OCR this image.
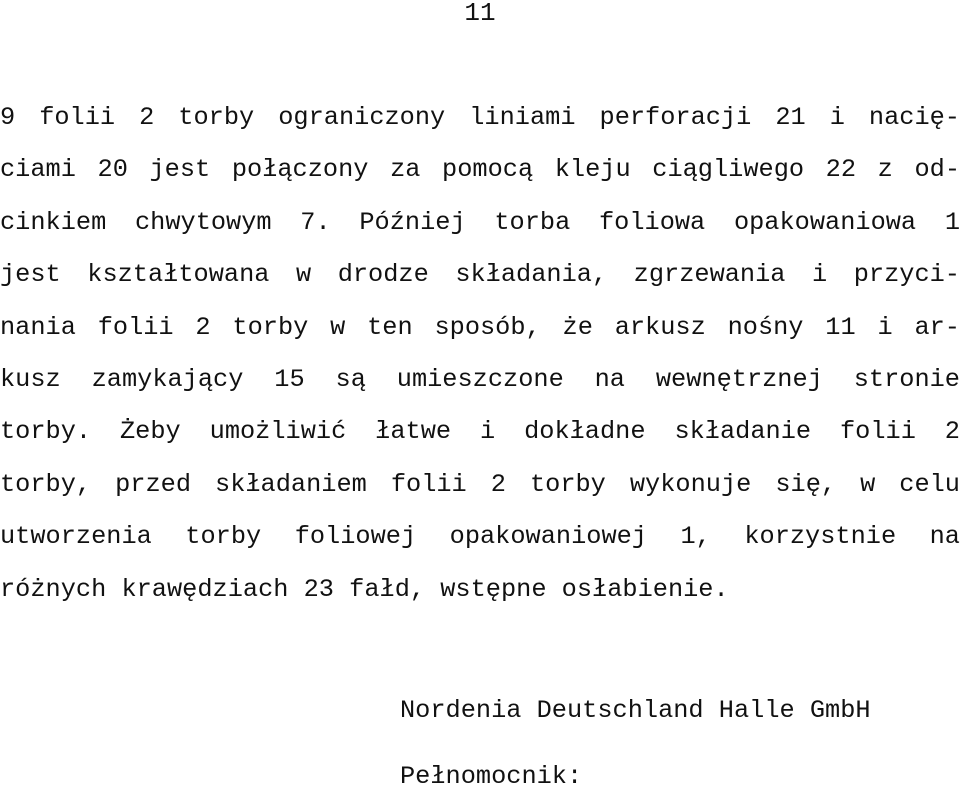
11
9 folii 2 torby ograniczony liniami perforacji 21 i nacię-
ciami 20 jest połączony za pomocą kleju ciągliwego 22 z od-
cinkiem chwytowym 7. Później torba foliowa opakowaniowa 1
jest kształtowana w drodze składania, zgrzewania i przyci-
nania folii 2 torby w ten sposób, że arkusz nośny 11 i ar-
kusz zamykający 15 są umieszczone na wewnętrznej stronie
torby. Żeby umożliwić łatwe i dokładne składanie folii 2
torby, przed składaniem folii 2 torby wykonuje się, w celu
utworzenia torby foliowej opakowaniowej 1, korzystnie na
różnych krawędziach 23 fałd, wstępne osłabienie.
Nordenia Deutschland Halle GmbH
Pełnomocnik:
